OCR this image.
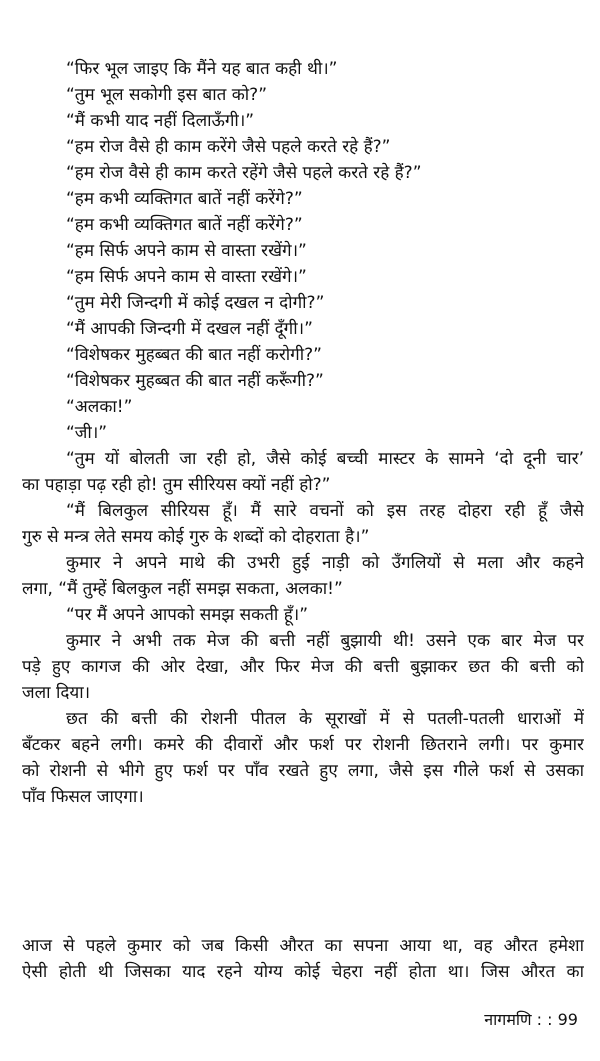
“फिर भूल जाइए कि मैंने यह बात कही थी।”
“तुम भूल सकोगी इस बात को?”
“मैं कभी याद नहीं दिलाऊँगी।”
“हम रोज वैसे ही काम करेंगे जैसे पहले करते रहे हैं?”
“हम रोज वैसे ही काम करते रहेंगे जैसे पहले करते रहे हैं?”
“हम कभी व्यक्तिगत बातें नहीं करेंगे?”
“हम कभी व्यक्तिगत बातें नहीं करेंगे?”
“हम सिर्फ अपने काम से वास्ता रखेंगे।”
“हम सिर्फ अपने काम से वास्ता रखेंगे।”
“तुम मेरी जिन्दगी में कोई दखल न दोगी?”
“मैं आपकी जिन्दगी में दखल नहीं दूँगी।”
“विशेषकर मुहब्बत की बात नहीं करोगी?”
“विशेषकर मुहब्बत की बात नहीं करूँगी?”
“अलका!”
“जी।”
“तुम यों बोलती जा रही हो, जैसे कोई बच्ची मास्टर के सामने ‘दो दूनी चार’
का पहाड़ा पढ़ रही हो! तुम सीरियस क्यों नहीं हो?”
“मैं बिलकुल सीरियस हूँ। मैं सारे वचनों को इस तरह दोहरा रही हूँ जैसे
गुरु से मन्त्र लेते समय कोई गुरु के शब्दों को दोहराता है।”
कुमार ने अपने माथे की उभरी हुई नाड़ी को उँगलियों से मला और कहने
लगा, “मैं तुम्हें बिलकुल नहीं समझ सकता, अलका!”
“पर मैं अपने आपको समझ सकती हूँ।”
कुमार ने अभी तक मेज की बत्ती नहीं बुझायी थी! उसने एक बार मेज पर
पड़े हुए कागज की ओर देखा, और फिर मेज की बत्ती बुझाकर छत की बत्ती को
जला दिया।
छत की बत्ती की रोशनी पीतल के सूराखों में से पतली-पतली धाराओं में
बँटकर बहने लगी। कमरे की दीवारों और फर्श पर रोशनी छितराने लगी। पर कुमार
को रोशनी से भीगे हुए फर्श पर पाँव रखते हुए लगा, जैसे इस गीले फर्श से उसका
पाँव फिसल जाएगा।
आज से पहले कुमार को जब किसी औरत का सपना आया था, वह औरत हमेशा
ऐसी होती थी जिसका याद रहने योग्य कोई चेहरा नहीं होता था। जिस औरत का
नागमणि : : 99
